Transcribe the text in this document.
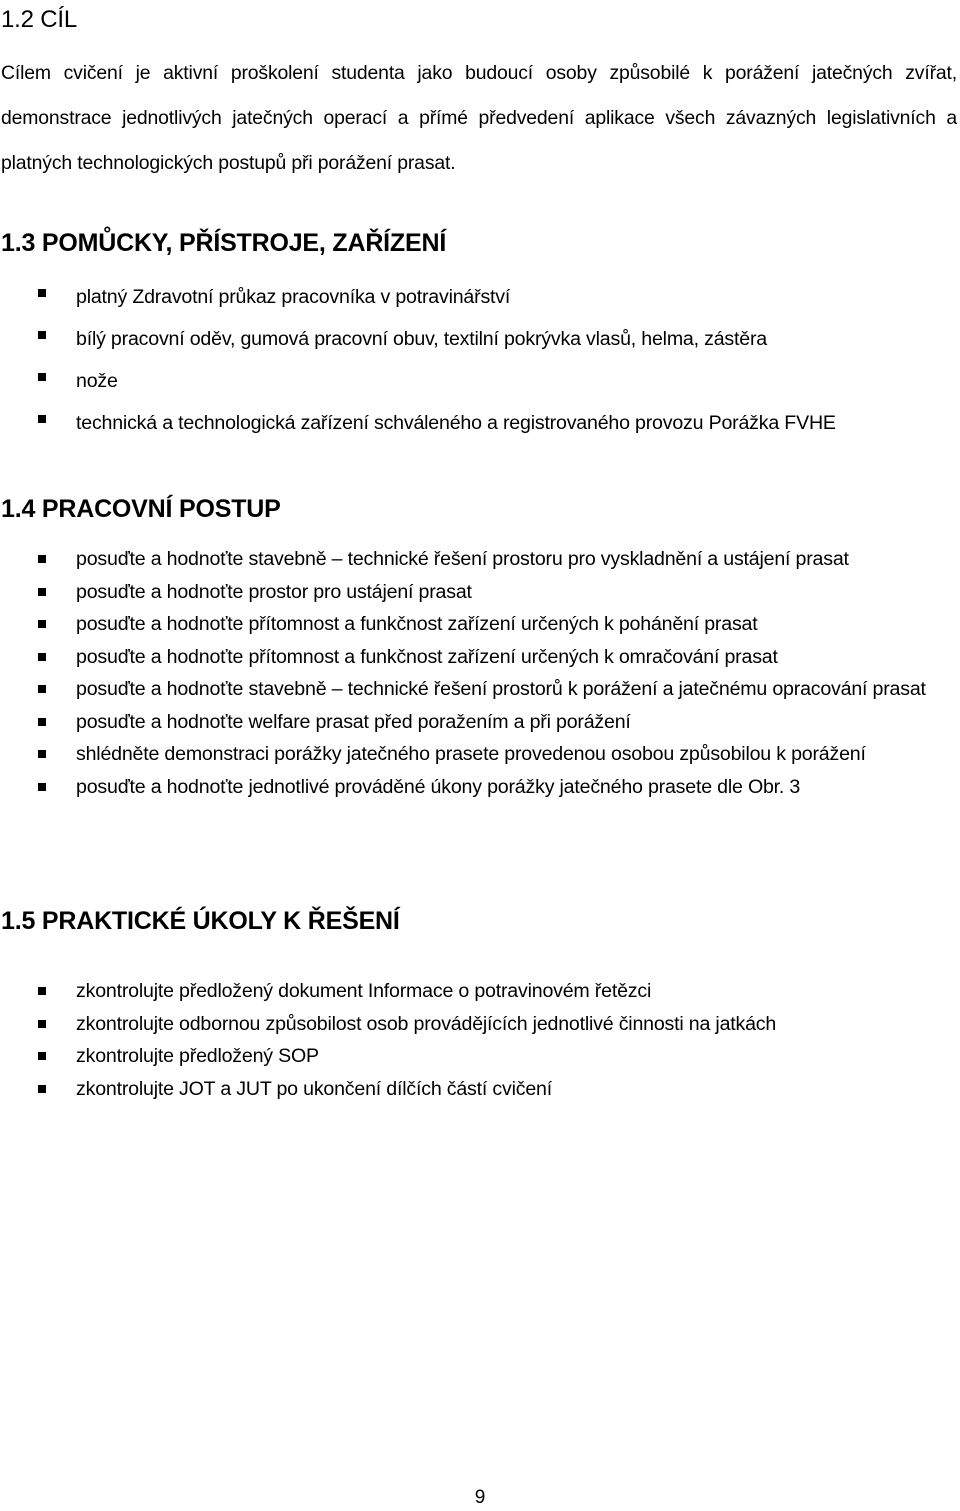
1.2 CÍL

Cílem cvičení je aktivní proškolení studenta jako budoucí osoby způsobilé k porážení jatečných zvířat, demonstrace jednotlivých jatečných operací a přímé předvedení aplikace všech závazných legislativních a platných technologických postupů při porážení prasat.

1.3 POMŮCKY, PŘÍSTROJE, ZAŘÍZENÍ
platný Zdravotní průkaz pracovníka v potravinářství
bílý pracovní oděv, gumová pracovní obuv, textilní pokrývka vlasů, helma, zástěra
nože
technická a technologická zařízení schváleného a registrovaného provozu Porážka FVHE
1.4 PRACOVNÍ POSTUP
posuďte a hodnoťte stavebně – technické řešení prostoru pro vyskladnění a ustájení prasat
posuďte a hodnoťte prostor pro ustájení prasat
posuďte a hodnoťte přítomnost a funkčnost zařízení určených k pohánění prasat
posuďte a hodnoťte přítomnost a funkčnost zařízení určených k omračování prasat
posuďte a hodnoťte stavebně – technické řešení prostorů k porážení a jatečnému opracování prasat
posuďte a hodnoťte welfare prasat před poražením a při porážení
shlédněte demonstraci porážky jatečného prasete provedenou osobou způsobilou k porážení
posuďte a hodnoťte jednotlivé prováděné úkony porážky jatečného prasete dle Obr. 3
1.5 PRAKTICKÉ ÚKOLY K ŘEŠENÍ
zkontrolujte předložený dokument Informace o potravinovém řetězci
zkontrolujte odbornou způsobilost osob provádějících jednotlivé činnosti na jatkách
zkontrolujte předložený SOP
zkontrolujte JOT a JUT po ukončení dílčích částí cvičení
9
